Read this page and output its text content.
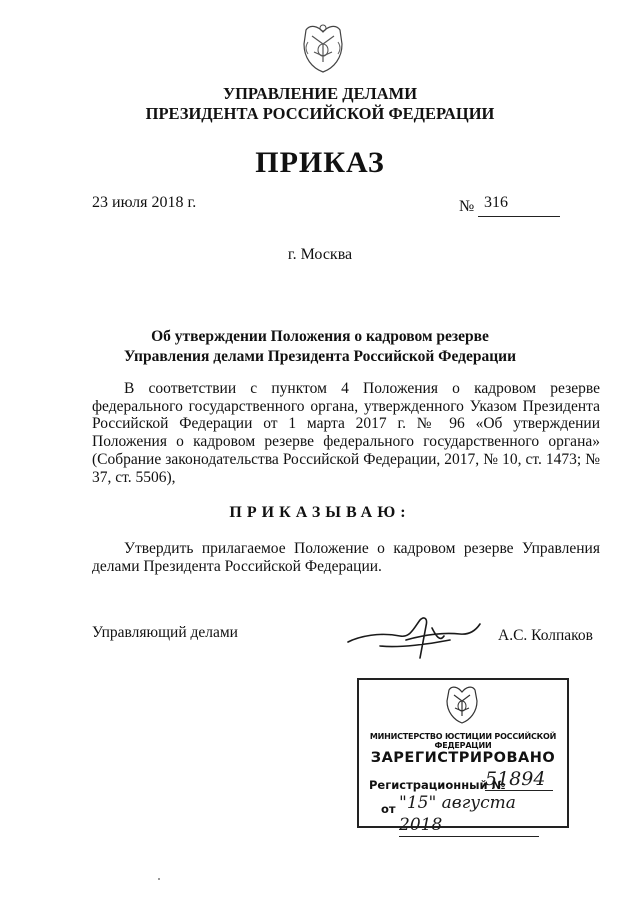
УПРАВЛЕНИЕ ДЕЛАМИ
ПРЕЗИДЕНТА РОССИЙСКОЙ ФЕДЕРАЦИИ
ПРИКАЗ
23 июля 2018 г.	№ 316
г. Москва
Об утверждении Положения о кадровом резерве
Управления делами Президента Российской Федерации
В соответствии с пунктом 4 Положения о кадровом резерве федерального государственного органа, утвержденного Указом Президента Российской Федерации от 1 марта 2017 г. № 96 «Об утверждении Положения о кадровом резерве федерального государственного органа» (Собрание законодательства Российской Федерации, 2017, № 10, ст. 1473; № 37, ст. 5506),
ПРИКАЗЫВАЮ:
Утвердить прилагаемое Положение о кадровом резерве Управления делами Президента Российской Федерации.
Управляющий делами	А.С. Колпаков
МИНИСТЕРСТВО ЮСТИЦИИ РОССИЙСКОЙ ФЕДЕРАЦИИ
ЗАРЕГИСТРИРОВАНО
Регистрационный №
51894
от "15" августа 2018
